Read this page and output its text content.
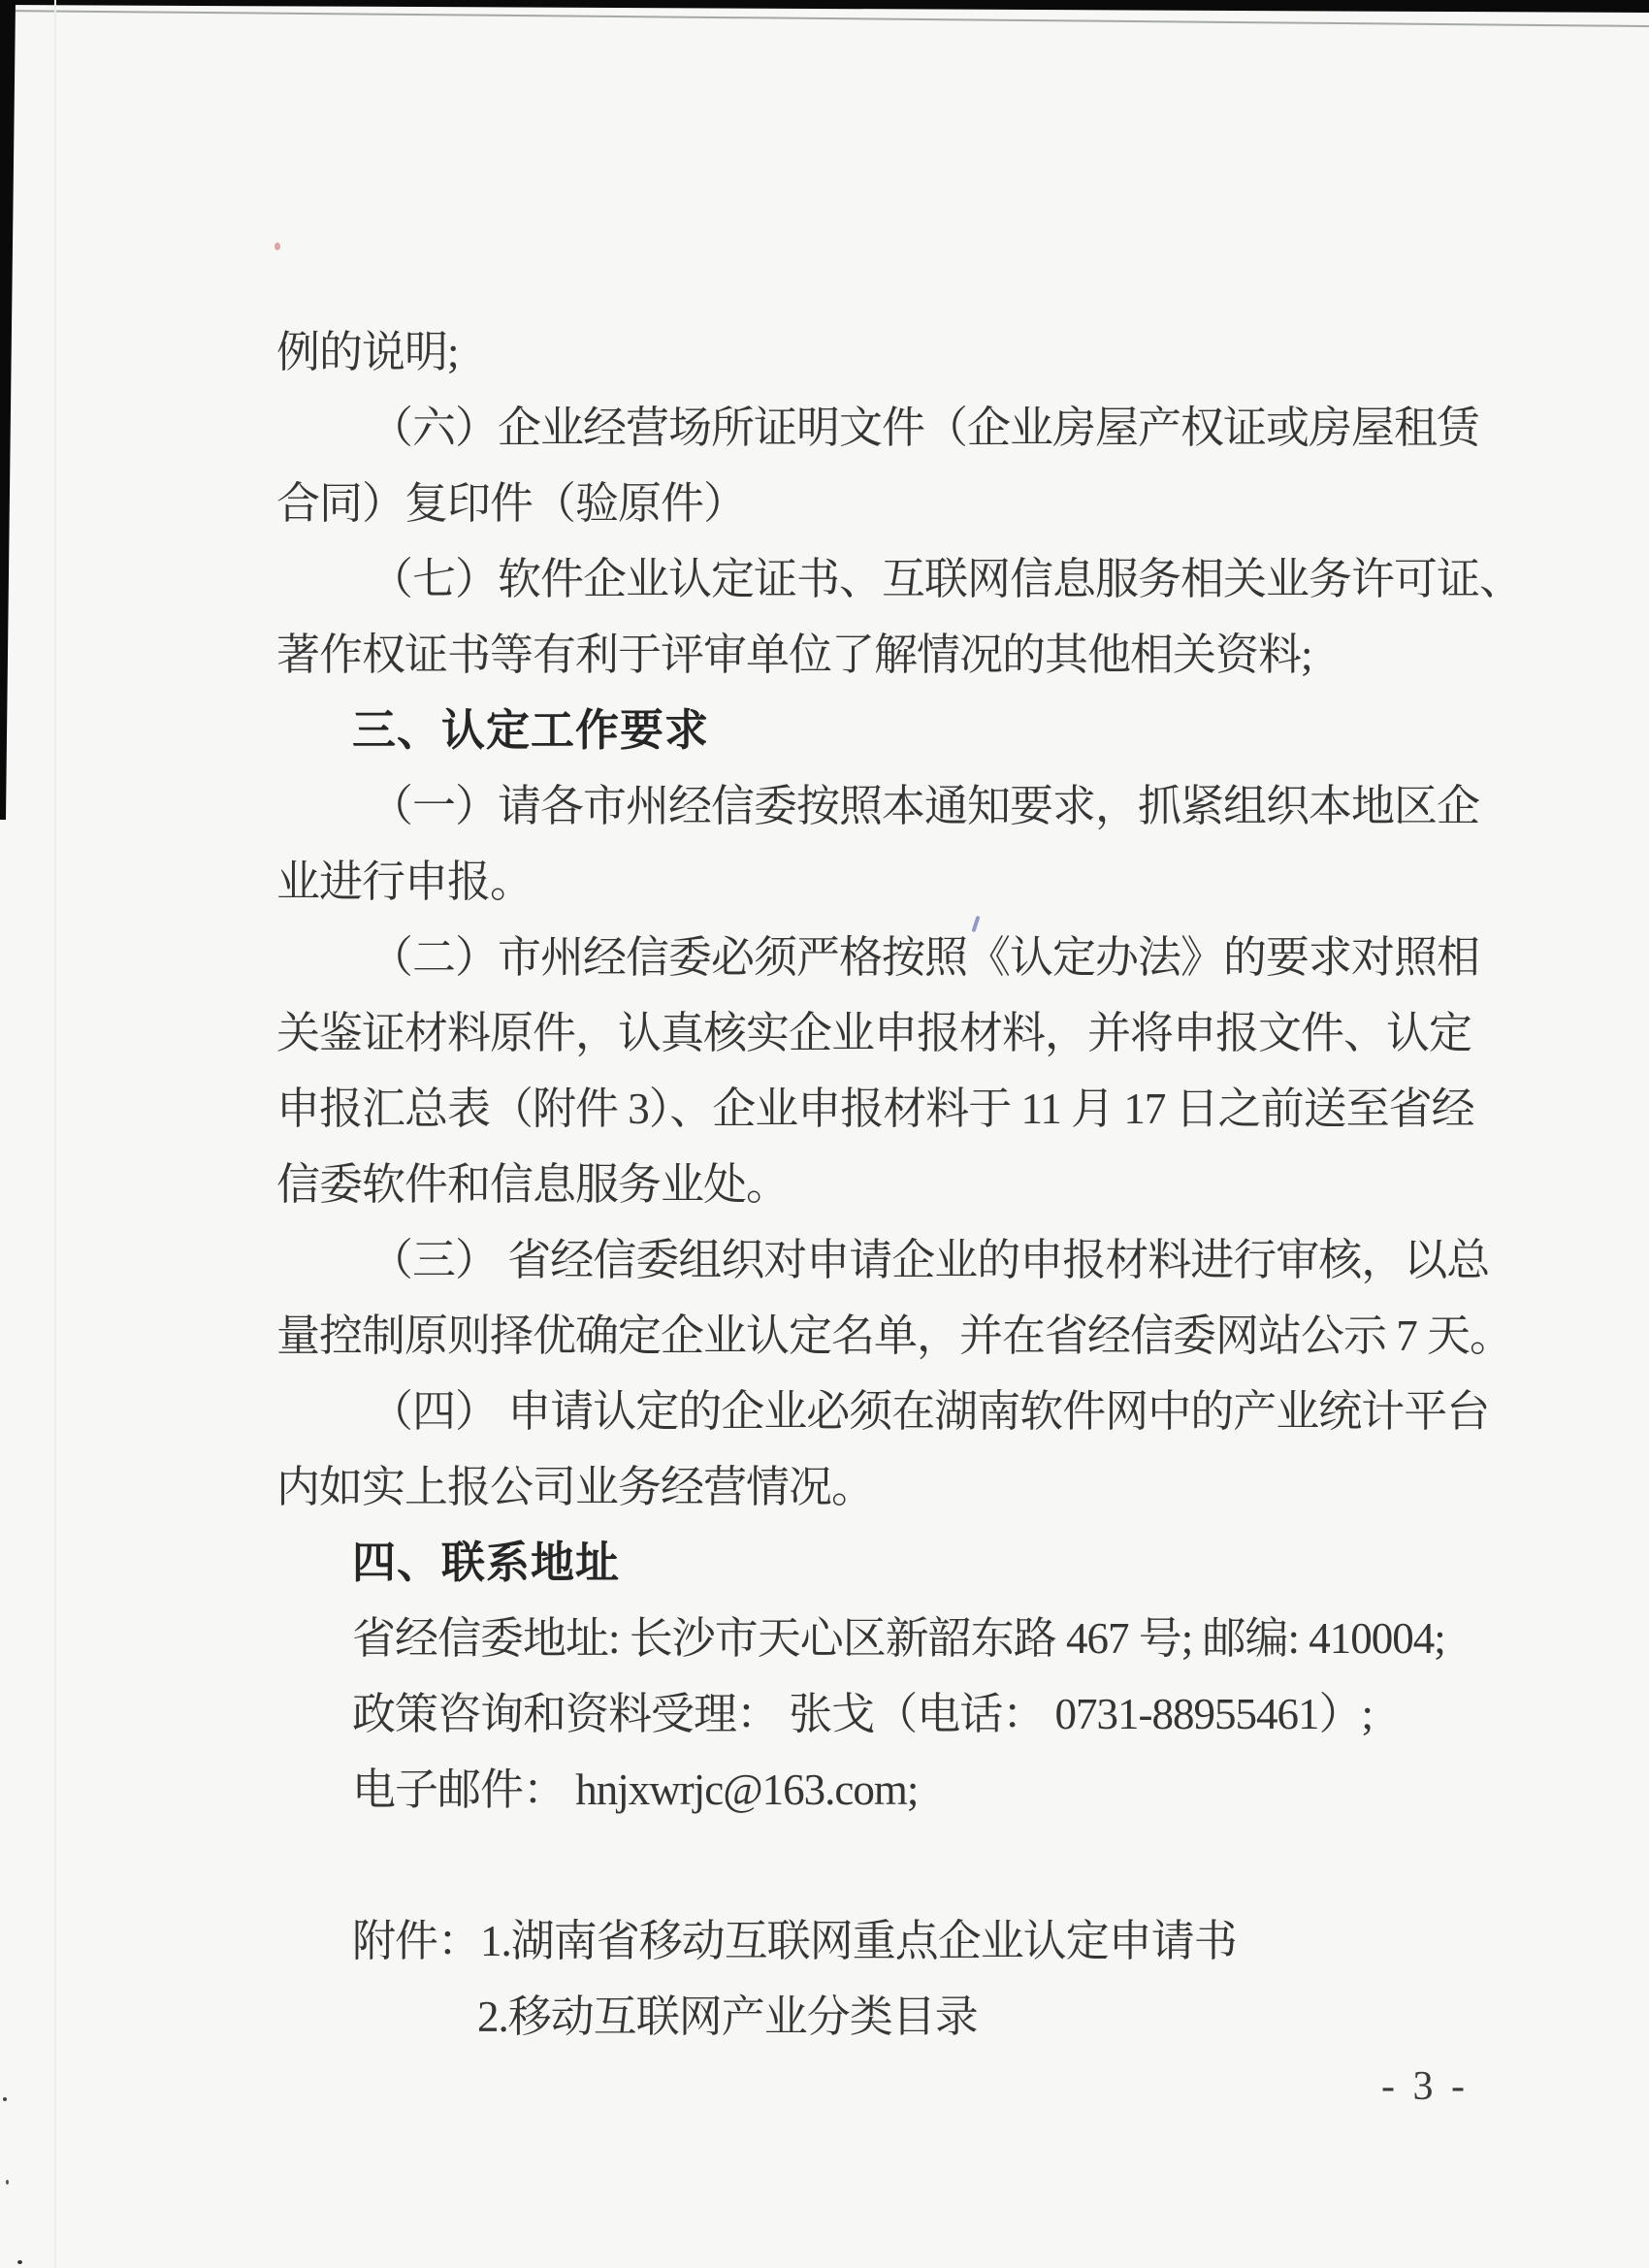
例的说明;
（六）企业经营场所证明文件（企业房屋产权证或房屋租赁
合同）复印件（验原件）
（七）软件企业认定证书、互联网信息服务相关业务许可证、
著作权证书等有利于评审单位了解情况的其他相关资料;
三、认定工作要求
（一）请各市州经信委按照本通知要求，抓紧组织本地区企
业进行申报。
（二）市州经信委必须严格按照《认定办法》的要求对照相
关鉴证材料原件，认真核实企业申报材料，并将申报文件、认定
申报汇总表（附件 3）、企业申报材料于 11 月 17 日之前送至省经
信委软件和信息服务业处。
（三） 省经信委组织对申请企业的申报材料进行审核，以总
量控制原则择优确定企业认定名单，并在省经信委网站公示 7 天。
（四） 申请认定的企业必须在湖南软件网中的产业统计平台
内如实上报公司业务经营情况。
四、联系地址
省经信委地址: 长沙市天心区新韶东路 467 号; 邮编: 410004;
政策咨询和资料受理： 张戈（电话： 0731-88955461）;
电子邮件： hnjxwrjc@163.com;
附件：1.湖南省移动互联网重点企业认定申请书
2.移动互联网产业分类目录
- 3 -
